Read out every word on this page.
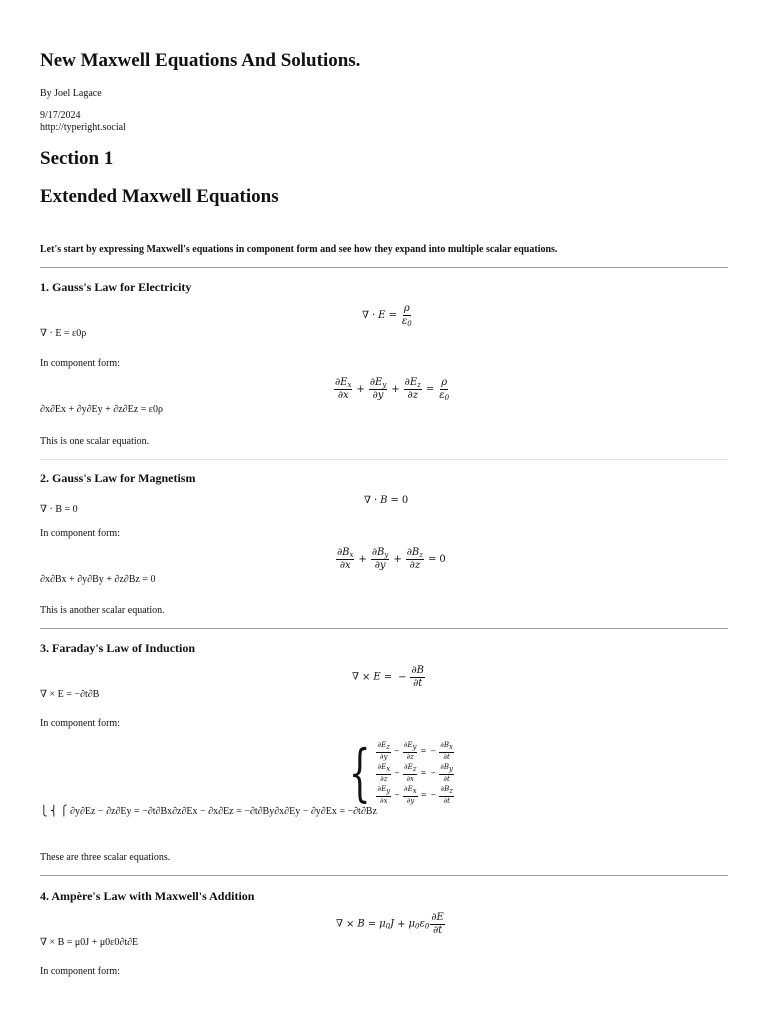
New Maxwell Equations And Solutions.
By Joel Lagace
9/17/2024
http://typeright.social
Section 1
Extended Maxwell Equations
Let's start by expressing Maxwell's equations in component form and see how they expand into multiple scalar equations.
1. Gauss's Law for Electricity
∇ · $E = \frac{\rho}{\varepsilon_0}$
∇ · E = ε0ρ
In component form:
$\frac{\partial E_x}{\partial x} + \frac{\partial E_y}{\partial y} + \frac{\partial E_z}{\partial z} = \frac{\rho}{\varepsilon_0}$
∂x∂Ex + ∂y∂Ey + ∂z∂Ez = ε0ρ
This is one scalar equation.
2. Gauss's Law for Magnetism
∇ · B = 0
∇ · B = 0
In component form:
$\frac{\partial B_x}{\partial x} + \frac{\partial B_y}{\partial y} + \frac{\partial B_z}{\partial z} = 0$
∂x∂Bx + ∂y∂By + ∂z∂Bz = 0
This is another scalar equation.
3. Faraday's Law of Induction
∇ × E = − $\frac{\partial B}{\partial t}$
∇ × E = −∂t∂B
In component form:
{ $\frac{\partial Ez}{\partial y} - \frac{\partial Ey}{\partial z}$ = − $\frac{\partial Bx}{\partial t}$
$\frac{\partial Ex}{\partial z} - \frac{\partial Ez}{\partial x}$ = − $\frac{\partial By}{\partial t}$
$\frac{\partial Ey}{\partial x} - \frac{\partial Ex}{\partial y}$ = − $\frac{\partial Bz}{\partial t}$
⎩ ⎨ ⎧ ∂y∂Ez − ∂z∂Ey = −∂t∂Bx∂z∂Ex − ∂x∂Ez = −∂t∂By∂x∂Ey − ∂y∂Ex = −∂t∂Bz
These are three scalar equations.
4. Ampère's Law with Maxwell's Addition
∇ × $B = \mu_0J + \mu_0\varepsilon_0 \frac{\partial E}{\partial t}$
∇ × B = μ0J + μ0ε0∂t∂E
In component form:
